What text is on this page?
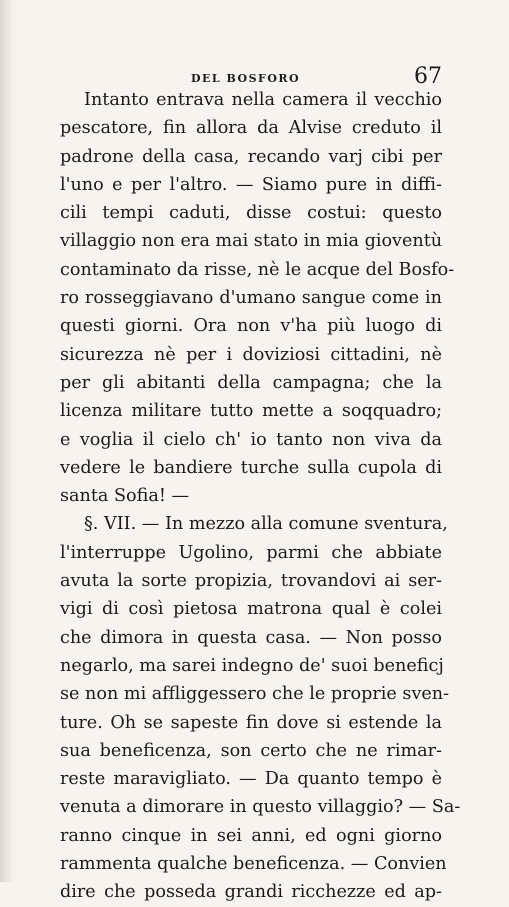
DEL BOSFORO	67
Intanto entrava nella camera il vecchio
pescatore, fin allora da Alvise creduto il
padrone della casa, recando varj cibi per
l'uno e per l'altro. — Siamo pure in diffi-
cili tempi caduti, disse costui: questo
villaggio non era mai stato in mia gioventù
contaminato da risse, nè le acque del Bosfo-
ro rosseggiavano d'umano sangue come in
questi giorni. Ora non v'ha più luogo di
sicurezza nè per i doviziosi cittadini, nè
per gli abitanti della campagna; che la
licenza militare tutto mette a soqquadro;
e voglia il cielo ch' io tanto non viva da
vedere le bandiere turche sulla cupola di
santa Sofia! —
§. VII. — In mezzo alla comune sventura,
l'interruppe Ugolino, parmi che abbiate
avuta la sorte propizia, trovandovi ai ser-
vigi di così pietosa matrona qual è colei
che dimora in questa casa. — Non posso
negarlo, ma sarei indegno de' suoi beneficj
se non mi affliggessero che le proprie sven-
ture. Oh se sapeste fin dove si estende la
sua beneficenza, son certo che ne rimar-
reste maravigliato. — Da quanto tempo è
venuta a dimorare in questo villaggio? — Sa-
ranno cinque in sei anni, ed ogni giorno
rammenta qualche beneficenza. — Convien
dire che posseda grandi ricchezze ed ap-
